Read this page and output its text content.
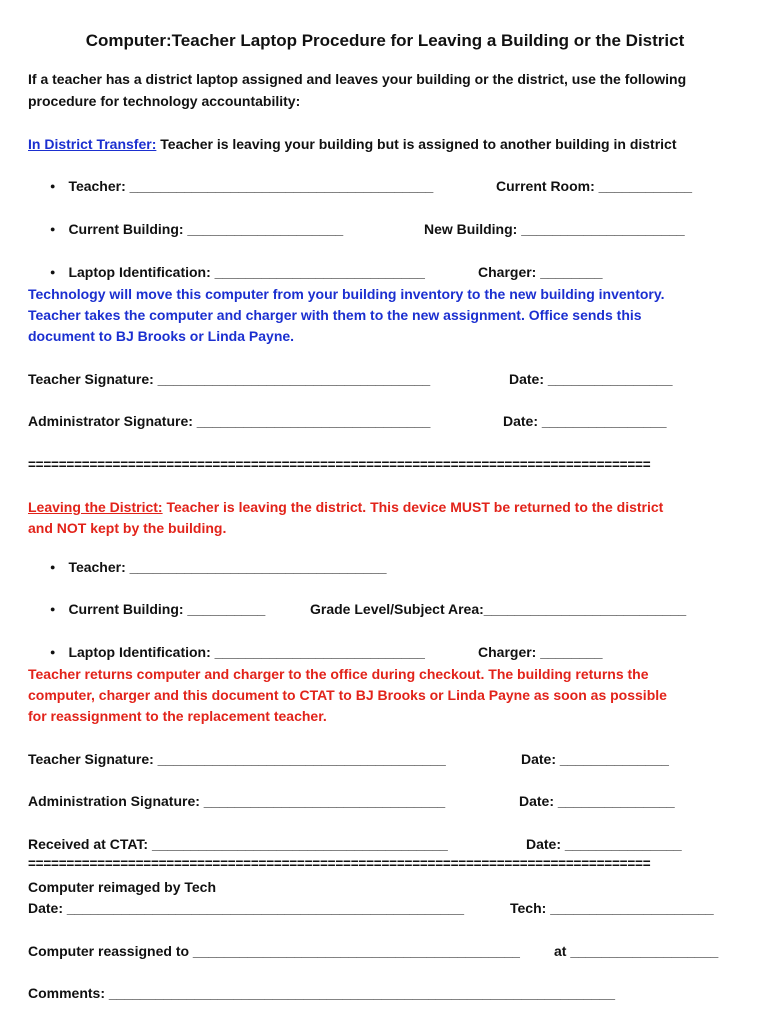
Computer:Teacher Laptop Procedure for Leaving a Building or the District
If a teacher has a district laptop assigned and leaves your building or the district, use the following
procedure for technology accountability:
In District Transfer: Teacher is leaving your building but is assigned to another building in district
● Teacher: _______________________________________	Current Room: ____________
● Current Building: ____________________	New Building: _____________________
● Laptop Identification: ___________________________	Charger: ________
Technology will move this computer from your building inventory to the new building inventory.
Teacher takes the computer and charger with them to the new assignment. Office sends this
document to BJ Brooks or Linda Payne.
Teacher Signature: ___________________________________	Date: ________________
Administrator Signature: ______________________________	Date: ________________
=================================================================================
Leaving the District: Teacher is leaving the district. This device MUST be returned to the district
and NOT kept by the building.
● Teacher: _________________________________
● Current Building: __________	Grade Level/Subject Area:__________________________
● Laptop Identification: ___________________________	Charger: ________
Teacher returns computer and charger to the office during checkout. The building returns the
computer, charger and this document to CTAT to BJ Brooks or Linda Payne as soon as possible
for reassignment to the replacement teacher.
Teacher Signature: _____________________________________	Date: ______________
Administration Signature: _______________________________	Date: _______________
Received at CTAT: ______________________________________	Date: _______________
=================================================================================
Computer reimaged by Tech
Date: ___________________________________________________	Tech: _____________________
Computer reassigned to __________________________________________ at ___________________
Comments: _________________________________________________________________
